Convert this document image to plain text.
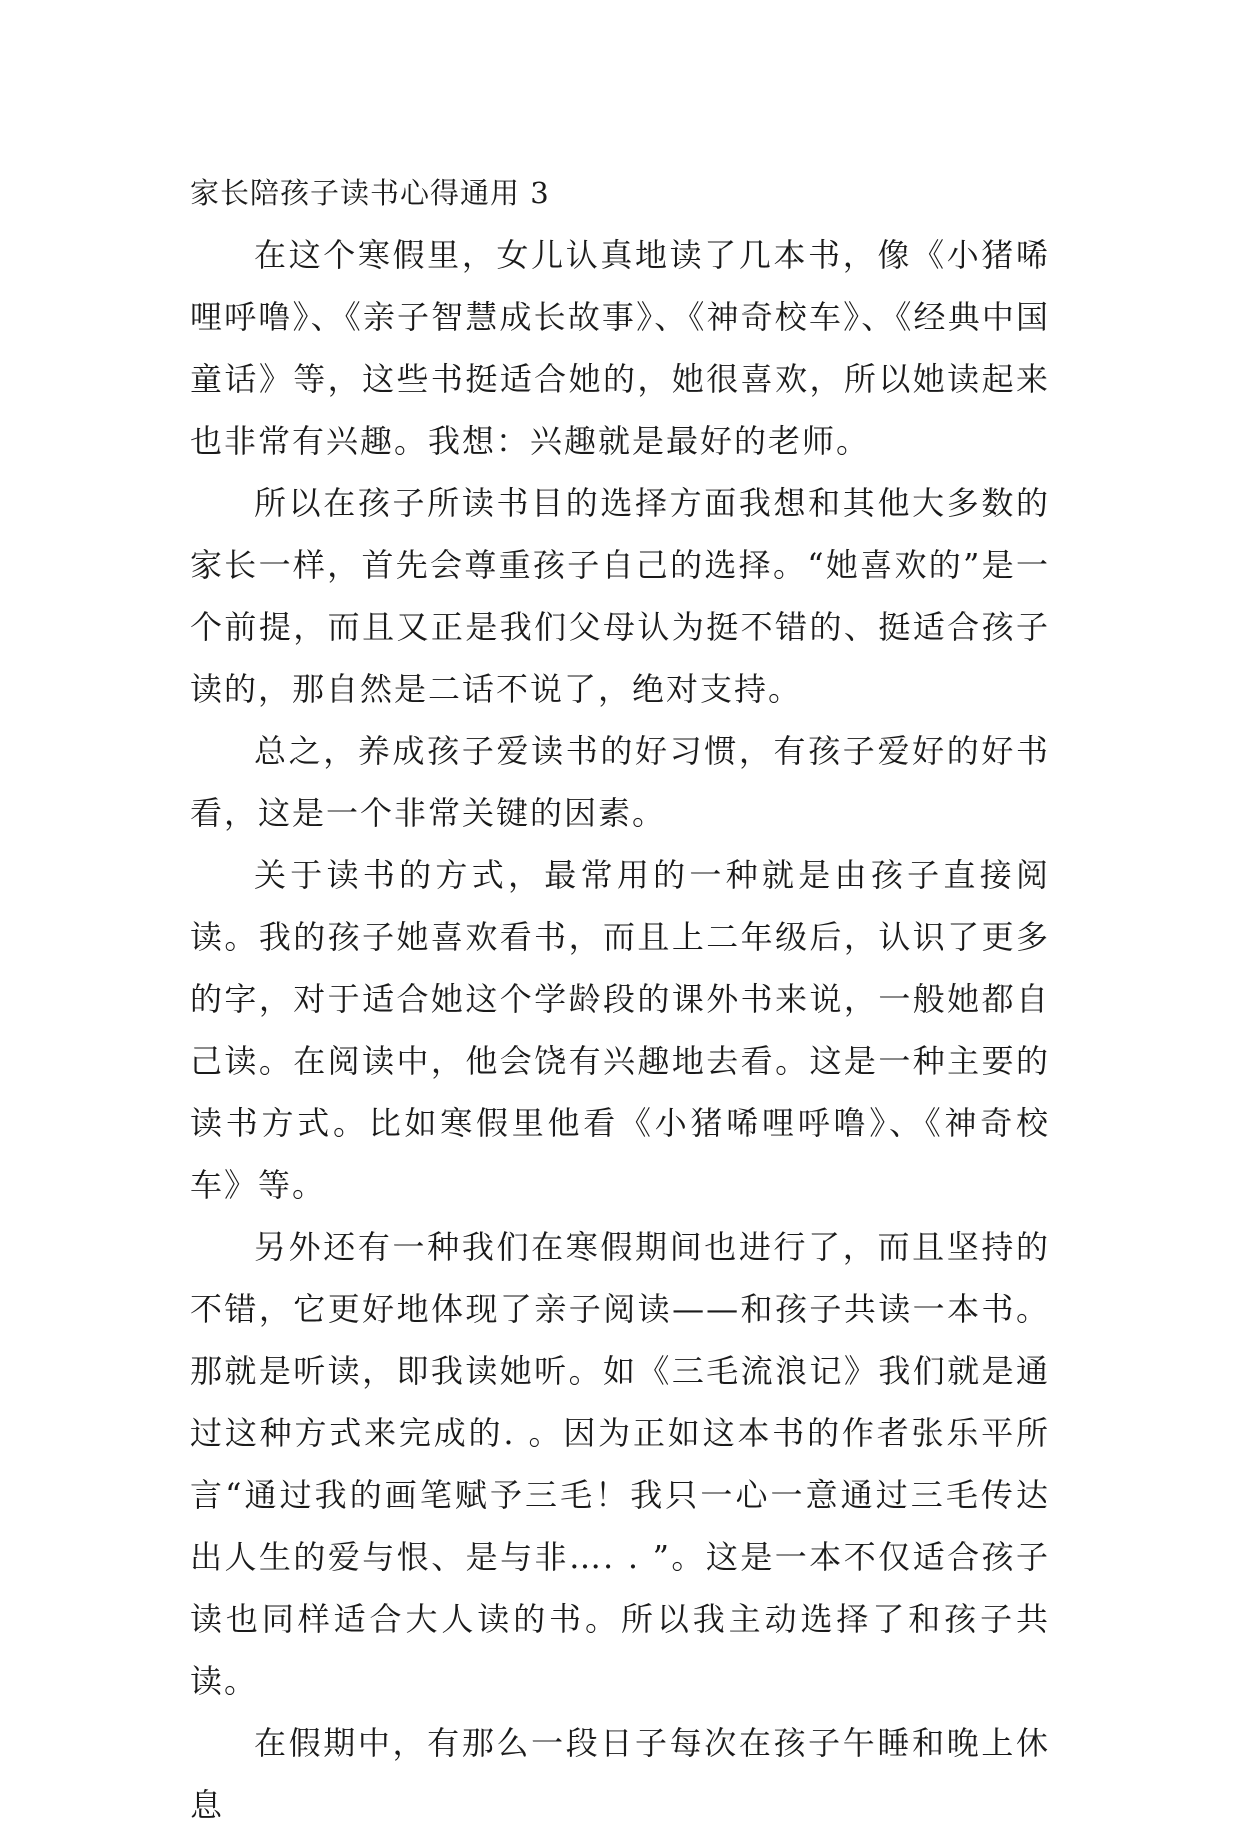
家长陪孩子读书心得通用 3

在这个寒假里，女儿认真地读了几本书，像《小猪唏哩呼噜》、《亲子智慧成长故事》、《神奇校车》、《经典中国童话》等，这些书挺适合她的，她很喜欢，所以她读起来也非常有兴趣。我想：兴趣就是最好的老师。

所以在孩子所读书目的选择方面我想和其他大多数的家长一样，首先会尊重孩子自己的选择。“她喜欢的”是一个前提，而且又正是我们父母认为挺不错的、挺适合孩子读的，那自然是二话不说了，绝对支持。

总之，养成孩子爱读书的好习惯，有孩子爱好的好书看，这是一个非常关键的因素。

关于读书的方式，最常用的一种就是由孩子直接阅读。我的孩子她喜欢看书，而且上二年级后，认识了更多的字，对于适合她这个学龄段的课外书来说，一般她都自己读。在阅读中，他会饶有兴趣地去看。这是一种主要的读书方式。比如寒假里他看《小猪唏哩呼噜》、《神奇校车》等。

另外还有一种我们在寒假期间也进行了，而且坚持的不错，它更好地体现了亲子阅读——和孩子共读一本书。那就是听读，即我读她听。如《三毛流浪记》我们就是通过这种方式来完成的. 。因为正如这本书的作者张乐平所言“通过我的画笔赋予三毛！我只一心一意通过三毛传达出人生的爱与恨、是与非…. . ”。这是一本不仅适合孩子读也同样适合大人读的书。所以我主动选择了和孩子共读。

在假期中，有那么一段日子每次在孩子午睡和晚上休息
